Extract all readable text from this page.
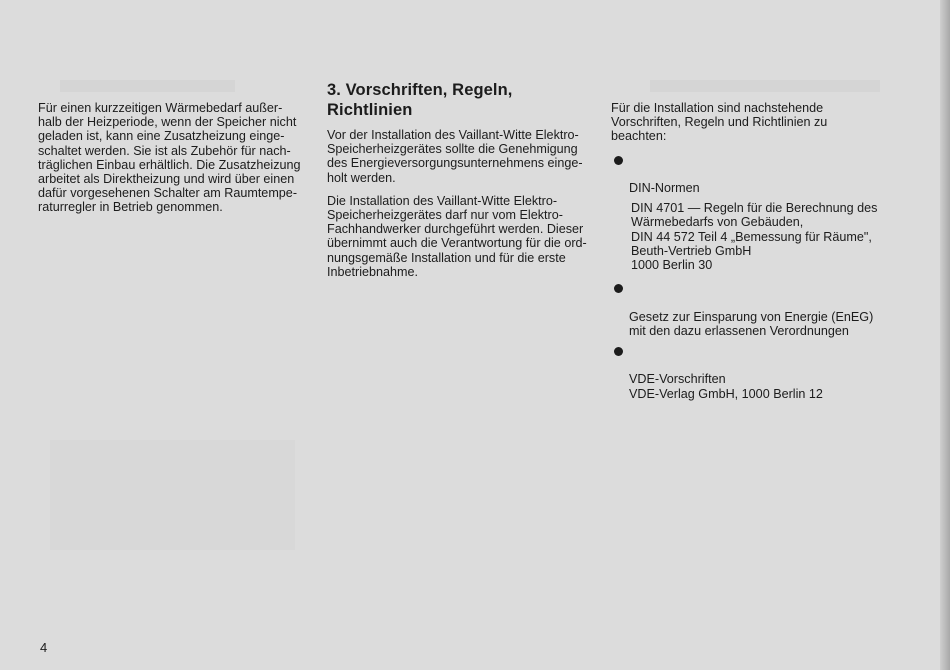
Für einen kurzzeitigen Wärmebedarf außer-
halb der Heizperiode, wenn der Speicher nicht
geladen ist, kann eine Zusatzheizung einge-
schaltet werden. Sie ist als Zubehör für nach-
träglichen Einbau erhältlich. Die Zusatzheizung
arbeitet als Direktheizung und wird über einen
dafür vorgesehenen Schalter am Raumtempe-
raturregler in Betrieb genommen.

3. Vorschriften, Regeln, Richtlinien

Vor der Installation des Vaillant-Witte Elektro-
Speicherheizgerätes sollte die Genehmigung
des Energieversorgungsunternehmens einge-
holt werden.

Die Installation des Vaillant-Witte Elektro-
Speicherheizgerätes darf nur vom Elektro-
Fachhandwerker durchgeführt werden. Dieser
übernimmt auch die Verantwortung für die ord-
nungsgemäße Installation und für die erste
Inbetriebnahme.

Für die Installation sind nachstehende
Vorschriften, Regeln und Richtlinien zu
beachten:

DIN-Normen

DIN 4701 — Regeln für die Berechnung des
Wärmebedarfs von Gebäuden,
DIN 44 572 Teil 4 „Bemessung für Räume",
Beuth-Vertrieb GmbH
1000 Berlin 30

Gesetz zur Einsparung von Energie (EnEG)
mit den dazu erlassenen Verordnungen

VDE-Vorschriften
VDE-Verlag GmbH, 1000 Berlin 12

4
